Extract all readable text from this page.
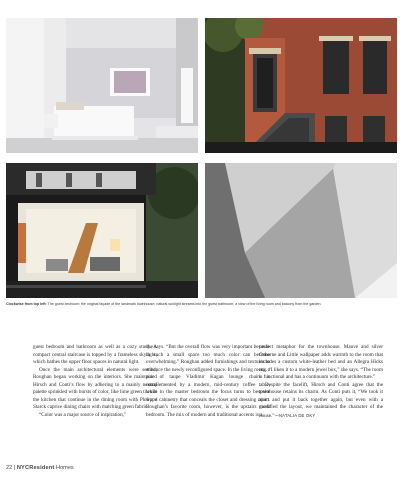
Clockwise from top left: The guest bedroom; the original façade of the landmark townhouse; natural sunlight streams into the guest bathroom; a view of the living room and balcony from the garden.

guest bedroom and bathroom as well as a cozy study. A compact central staircase is topped by a frameless skylight, which bathes the upper floor spaces in natural light.

Once the main architectural elements were settled, Roughan began working on the interiors. She maintained Hirsch and Conti’s flow by adhering to a mainly neutral palette sprinkled with bursts of color, like lime green tiles in the kitchen that continue in the dining room with Philippe Starck caprice dining chairs with matching green fabric.

“Color was a major source of inspiration,”

she says. “But the overall flow was very important because in such a small space too much color can become overwhelming.” Roughan added furnishings and textures to enhance the newly reconfigured space. In the living room, a pair of taupe Vladimir Kagan lounge chairs is complemented by a modern, mid-century coffee table, while in the master bedroom the focus turns to bespoke wood cabinetry that conceals the closet and dressing room. Roughan’s favorite room, however, is the upstairs guest bedroom. The mix of modern and traditional accents is a

perfect metaphor for the townhouse. Mauve and silver Osborne and Little wallpaper adds warmth to the room that includes a custom white-leather bed and an Allegra Hicks rug. “I liken it to a modern jewel box,” she says. “The room is functional and has a continuum with the architecture.”

Despite the facelift, Hirsch and Conti agree that the townhouse retains its charm. As Conti puts it, “We took it apart and put it back together again, but even with a modified the layout, we maintained the character of the house.”—NATALIA DE OKY

22 | NYCResident Homes
